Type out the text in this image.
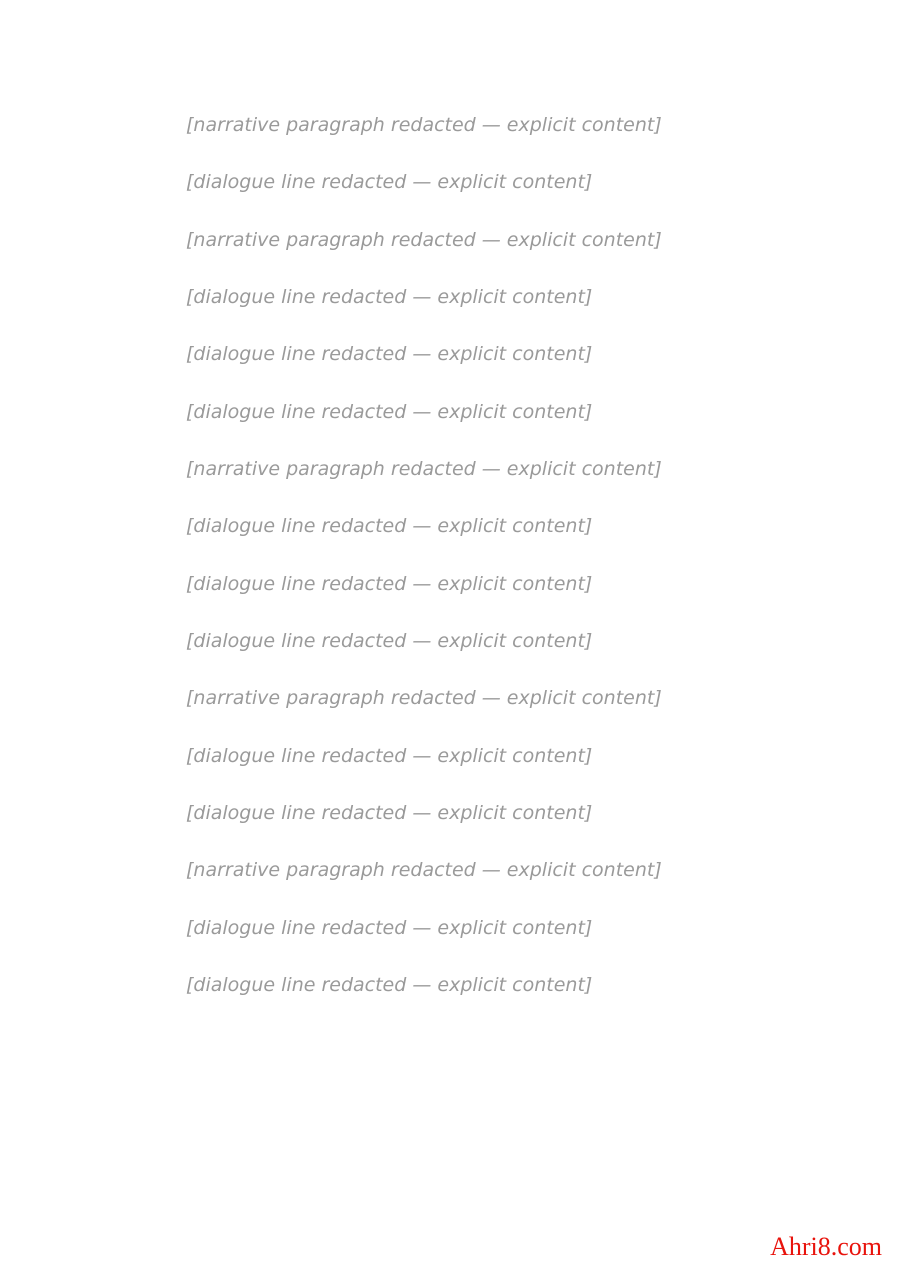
[narrative paragraph redacted — explicit content]

[dialogue line redacted — explicit content]

[narrative paragraph redacted — explicit content]

[dialogue line redacted — explicit content]

[dialogue line redacted — explicit content]

[dialogue line redacted — explicit content]

[narrative paragraph redacted — explicit content]

[dialogue line redacted — explicit content]

[dialogue line redacted — explicit content]

[dialogue line redacted — explicit content]

[narrative paragraph redacted — explicit content]

[dialogue line redacted — explicit content]

[dialogue line redacted — explicit content]

[narrative paragraph redacted — explicit content]

[dialogue line redacted — explicit content]

[dialogue line redacted — explicit content]

Ahri8.com
